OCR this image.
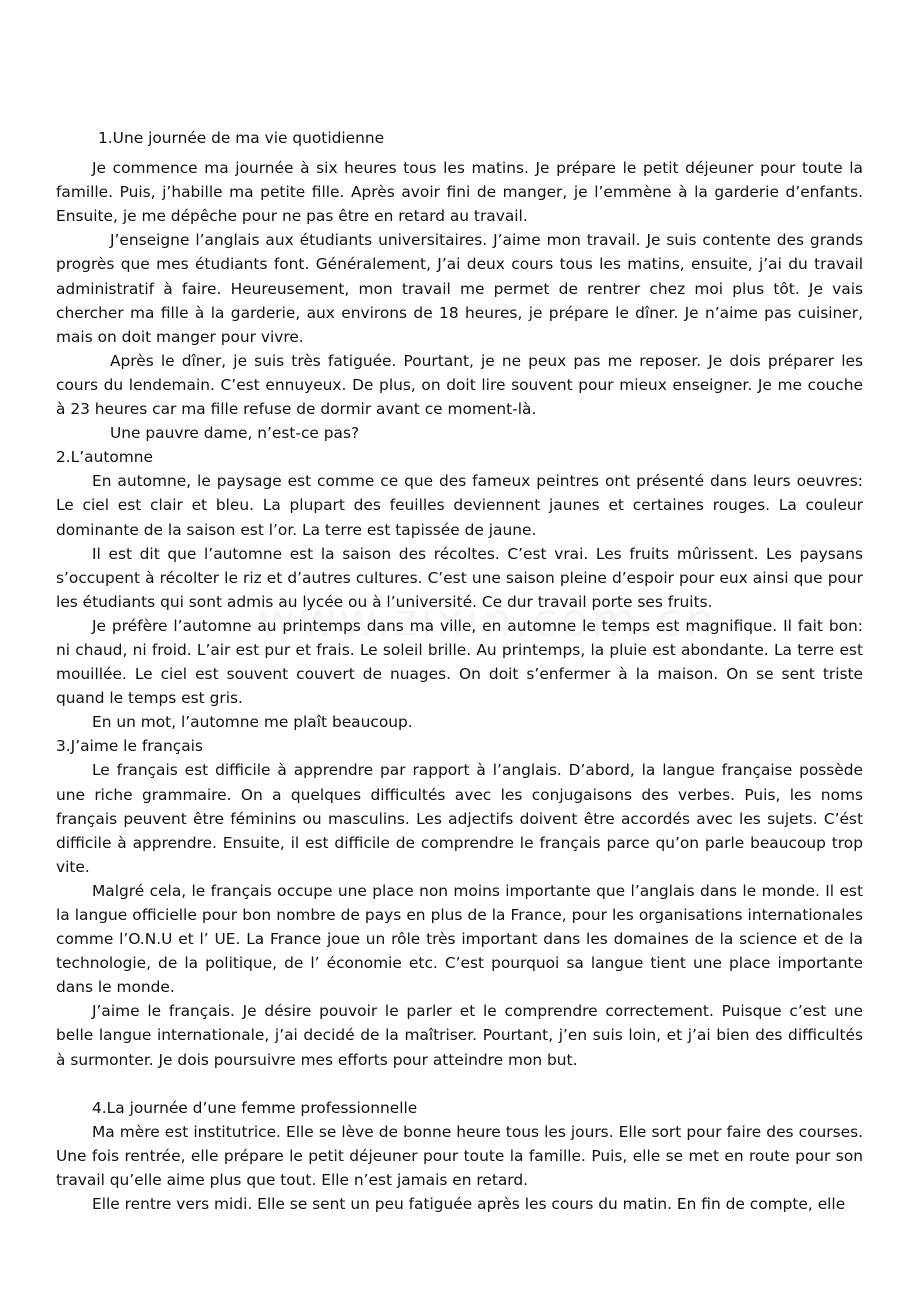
1.Une journée de ma vie quotidienne

Je commence ma journée à six heures tous les matins. Je prépare le petit déjeuner pour toute la famille. Puis, j’habille ma petite fille. Après avoir fini de manger, je l’emmène à la garderie d’enfants. Ensuite, je me dépêche pour ne pas être en retard au travail.

J’enseigne l’anglais aux étudiants universitaires. J’aime mon travail. Je suis contente des grands progrès que mes étudiants font. Généralement, J’ai deux cours tous les matins, ensuite, j’ai du travail administratif à faire. Heureusement, mon travail me permet de rentrer chez moi plus tôt. Je vais chercher ma fille à la garderie, aux environs de 18 heures, je prépare le dîner. Je n’aime pas cuisiner, mais on doit manger pour vivre.

Après le dîner, je suis très fatiguée. Pourtant, je ne peux pas me reposer. Je dois préparer les cours du lendemain. C’est ennuyeux. De plus, on doit lire souvent pour mieux enseigner. Je me couche à 23 heures car ma fille refuse de dormir avant ce moment-là.

Une pauvre dame, n’est-ce pas?

2.L’automne

En automne, le paysage est comme ce que des fameux peintres ont présenté dans leurs oeuvres: Le ciel est clair et bleu. La plupart des feuilles deviennent jaunes et certaines rouges. La couleur dominante de la saison est l’or. La terre est tapissée de jaune.

Il est dit que l’automne est la saison des récoltes. C’est vrai. Les fruits mûrissent. Les paysans s’occupent à récolter le riz et d’autres cultures. C’est une saison pleine d’espoir pour eux ainsi que pour les étudiants qui sont admis au lycée ou à l’université. Ce dur travail porte ses fruits.

Je préfère l’automne au printemps dans ma ville, en automne le temps est magnifique. Il fait bon: ni chaud, ni froid. L’air est pur et frais. Le soleil brille. Au printemps, la pluie est abondante. La terre est mouillée. Le ciel est souvent couvert de nuages. On doit s’enfermer à la maison. On se sent triste quand le temps est gris.

En un mot, l’automne me plaît beaucoup.

3.J’aime le français

Le français est difficile à apprendre par rapport à l’anglais. D’abord, la langue française possède une riche grammaire. On a quelques difficultés avec les conjugaisons des verbes. Puis, les noms français peuvent être féminins ou masculins. Les adjectifs doivent être accordés avec les sujets. C’ést difficile à apprendre. Ensuite, il est difficile de comprendre le français parce qu’on parle beaucoup trop vite.

Malgré cela, le français occupe une place non moins importante que l’anglais dans le monde. Il est la langue officielle pour bon nombre de pays en plus de la France, pour les organisations internationales comme l’O.N.U et l’ UE. La France joue un rôle très important dans les domaines de la science et de la technologie, de la politique, de l’ économie etc. C’est pourquoi sa langue tient une place importante dans le monde.

J’aime le français. Je désire pouvoir le parler et le comprendre correctement. Puisque c’est une belle langue internationale, j’ai decidé de la maîtriser. Pourtant, j’en suis loin, et j’ai bien des difficultés à surmonter. Je dois poursuivre mes efforts pour atteindre mon but.

4.La journée d’une femme professionnelle

Ma mère est institutrice. Elle se lève de bonne heure tous les jours. Elle sort pour faire des courses. Une fois rentrée, elle prépare le petit déjeuner pour toute la famille. Puis, elle se met en route pour son travail qu’elle aime plus que tout. Elle n’est jamais en retard.

Elle rentre vers midi. Elle se sent un peu fatiguée après les cours du matin. En fin de compte, elle
